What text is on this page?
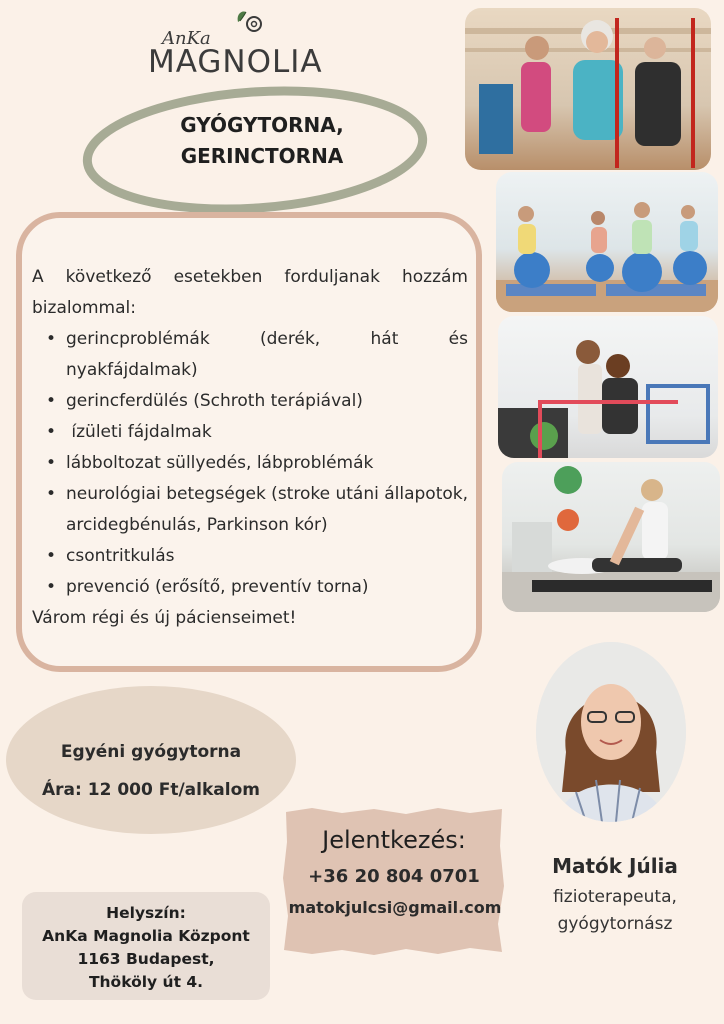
AnKa
MAGNOLIA
GYÓGYTORNA,
GERINCTORNA
A következő esetekben forduljanak hozzám bizalommal:
• gerincproblémák (derék, hát és nyakfájdalmak)
• gerincferdülés (Schroth terápiával)
•  ízületi fájdalmak
• lábboltozat süllyedés, lábproblémák
• neurológiai betegségek (stroke utáni állapotok, arcidegbénulás, Parkinson kór)
• csontritkulás
• prevenció (erősítő, preventív torna)
Várom régi és új pácienseimet!
Egyéni gyógytorna
Ára: 12 000 Ft/alkalom
Jelentkezés:
+36 20 804 0701
matokjulcsi@gmail.com
Matók Júlia
fizioterapeuta,
gyógytornász
Helyszín:
AnKa Magnolia Központ
1163 Budapest,
Thököly út 4.
